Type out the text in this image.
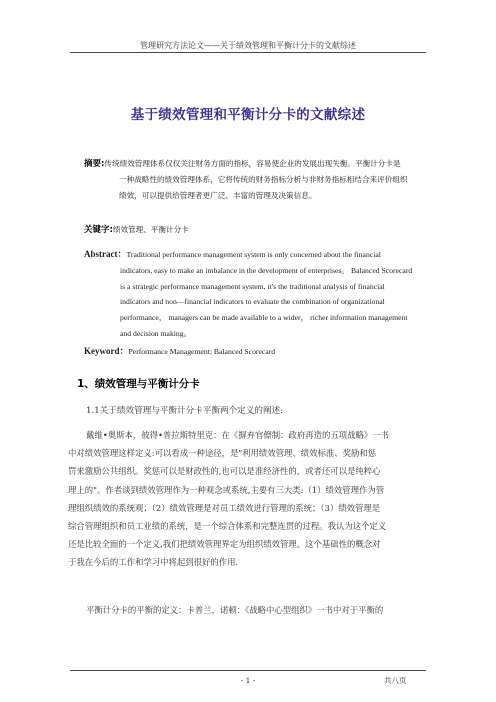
管理研究方法论文——关于绩效管理和平衡计分卡的文献综述
基于绩效管理和平衡计分卡的文献综述
摘要:传统绩效管理体系仅仅关注财务方面的指标，容易使企业的发展出现失衡。平衡计分卡是
一种战略性的绩效管理体系，它将传统的财务指标分析与非财务指标相结合来评价组织
绩效，可以提供给管理者更广泛、丰富的管理及决策信息。
关键字:绩效管理、平衡计分卡
Abstract：Traditional performance management system is only concerned about the financial
indicators, easy to make an imbalance in the development of enterprises。 Balanced Scorecard
is a strategic performance management system, it's the traditional analysis of financial
indicators and non—financial indicators to evaluate the combination of organizational
performance， managers can be made available to a wider， richer information management
and decision making。
Keyword：Performance Management; Balanced Scorecard
1、绩效管理与平衡计分卡
1.1关于绩效管理与平衡计分卡平衡两个定义的阐述:
戴维•奥斯本，彼得•普拉斯特里克：在《摒弃官僚制：政府再造的五项战略》一书
中对绩效管理这样定义:可以看成一种途径，是"利用绩效管理、绩效标准、奖励和惩
罚来激励公共组织。奖惩可以是财政性的,也可以是准经济性的，或者还可以是纯粹心
理上的"。作者谈到绩效管理作为一种观念或系统,主要有三大类:（1）绩效管理作为管
理组织绩效的系统观；（2）绩效管理是对员工绩效进行管理的系统；（3）绩效管理是
综合管理组织和员工业绩的系统，是一个综合体系和完整连贯的过程。我认为这个定义
还是比较全面的一个定义,我们把绩效管理界定为组织绩效管理。这个基础性的概念对
于我在今后的工作和学习中将起到很好的作用.
平衡计分卡的平衡的定义：卡普兰，诺顿：《战略中心型组织》一书中对于平衡的
- 1 -	共八页
